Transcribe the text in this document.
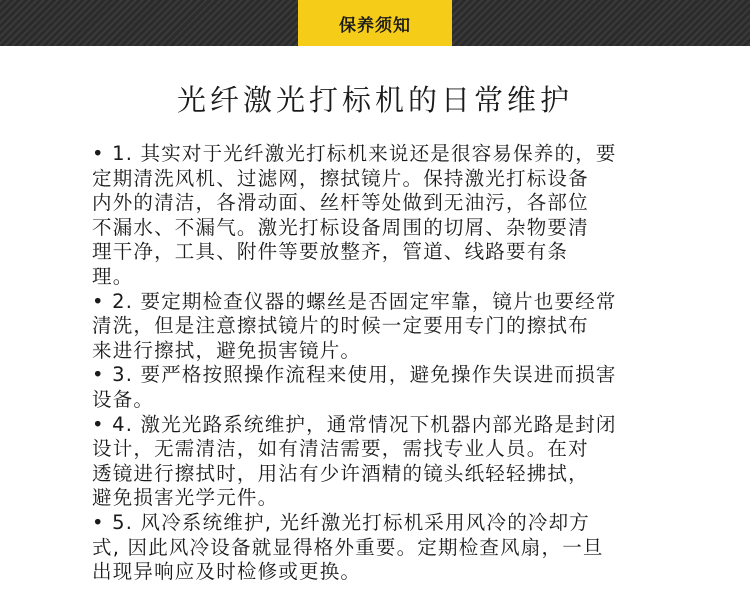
保养须知
光纤激光打标机的日常维护

• 1. 其实对于光纤激光打标机来说还是很容易保养的，要
定期清洗风机、过滤网，擦拭镜片。保持激光打标设备
内外的清洁，各滑动面、丝杆等处做到无油污，各部位
不漏水、不漏气。激光打标设备周围的切屑、杂物要清
理干净，工具、附件等要放整齐，管道、线路要有条
理。

• 2. 要定期检查仪器的螺丝是否固定牢靠，镜片也要经常
清洗，但是注意擦拭镜片的时候一定要用专门的擦拭布
来进行擦拭，避免损害镜片。

• 3. 要严格按照操作流程来使用，避免操作失误进而损害
设备。

• 4. 激光光路系统维护，通常情况下机器内部光路是封闭
设计，无需清洁，如有清洁需要，需找专业人员。在对
透镜进行擦拭时，用沾有少许酒精的镜头纸轻轻拂拭，
避免损害光学元件。

• 5. 风冷系统维护, 光纤激光打标机采用风冷的冷却方
式, 因此风冷设备就显得格外重要。定期检查风扇，一旦
出现异响应及时检修或更换。
